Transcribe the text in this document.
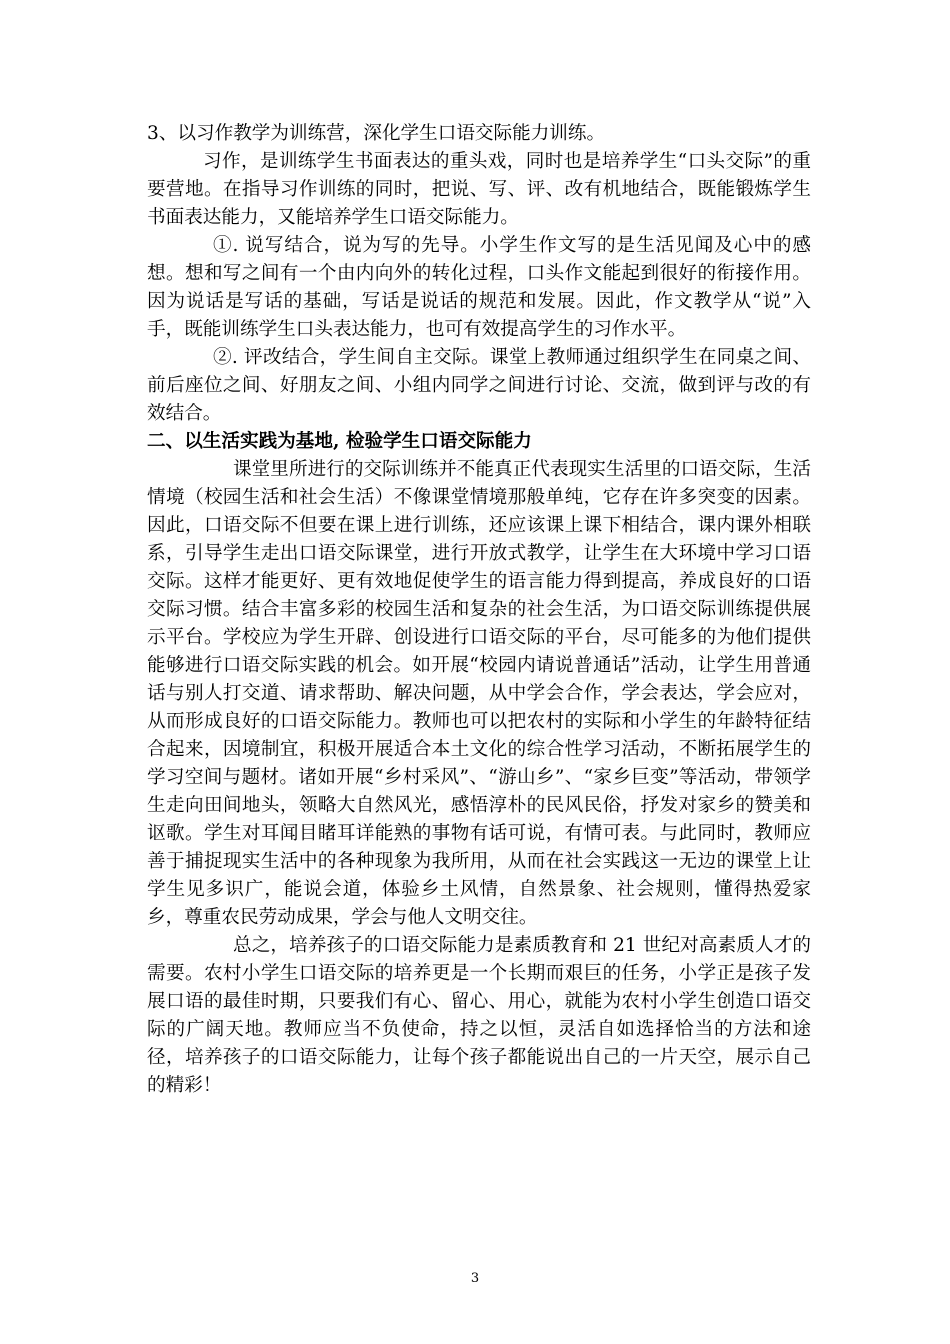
3、以习作教学为训练营，深化学生口语交际能力训练。

习作，是训练学生书面表达的重头戏，同时也是培养学生“口头交际”的重要营地。在指导习作训练的同时，把说、写、评、改有机地结合，既能锻炼学生书面表达能力，又能培养学生口语交际能力。

①. 说写结合，说为写的先导。小学生作文写的是生活见闻及心中的感想。想和写之间有一个由内向外的转化过程，口头作文能起到很好的衔接作用。因为说话是写话的基础，写话是说话的规范和发展。因此，作文教学从“说”入手，既能训练学生口头表达能力，也可有效提高学生的习作水平。

②. 评改结合，学生间自主交际。课堂上教师通过组织学生在同桌之间、前后座位之间、好朋友之间、小组内同学之间进行讨论、交流，做到评与改的有效结合。

二、以生活实践为基地, 检验学生口语交际能力

课堂里所进行的交际训练并不能真正代表现实生活里的口语交际，生活情境（校园生活和社会生活）不像课堂情境那般单纯，它存在许多突变的因素。因此，口语交际不但要在课上进行训练，还应该课上课下相结合，课内课外相联系，引导学生走出口语交际课堂，进行开放式教学，让学生在大环境中学习口语交际。这样才能更好、更有效地促使学生的语言能力得到提高，养成良好的口语交际习惯。结合丰富多彩的校园生活和复杂的社会生活，为口语交际训练提供展示平台。学校应为学生开辟、创设进行口语交际的平台，尽可能多的为他们提供能够进行口语交际实践的机会。如开展“校园内请说普通话”活动，让学生用普通话与别人打交道、请求帮助、解决问题，从中学会合作，学会表达，学会应对，从而形成良好的口语交际能力。教师也可以把农村的实际和小学生的年龄特征结合起来，因境制宜，积极开展适合本土文化的综合性学习活动，不断拓展学生的学习空间与题材。诸如开展“乡村采风”、“游山乡”、“家乡巨变”等活动，带领学生走向田间地头，领略大自然风光，感悟淳朴的民风民俗，抒发对家乡的赞美和讴歌。学生对耳闻目睹耳详能熟的事物有话可说，有情可表。与此同时，教师应善于捕捉现实生活中的各种现象为我所用，从而在社会实践这一无边的课堂上让学生见多识广，能说会道，体验乡土风情，自然景象、社会规则，懂得热爱家乡，尊重农民劳动成果，学会与他人文明交往。

总之，培养孩子的口语交际能力是素质教育和 21 世纪对高素质人才的需要。农村小学生口语交际的培养更是一个长期而艰巨的任务，小学正是孩子发展口语的最佳时期，只要我们有心、留心、用心，就能为农村小学生创造口语交际的广阔天地。教师应当不负使命，持之以恒，灵活自如选择恰当的方法和途径，培养孩子的口语交际能力，让每个孩子都能说出自己的一片天空，展示自己的精彩！

3
